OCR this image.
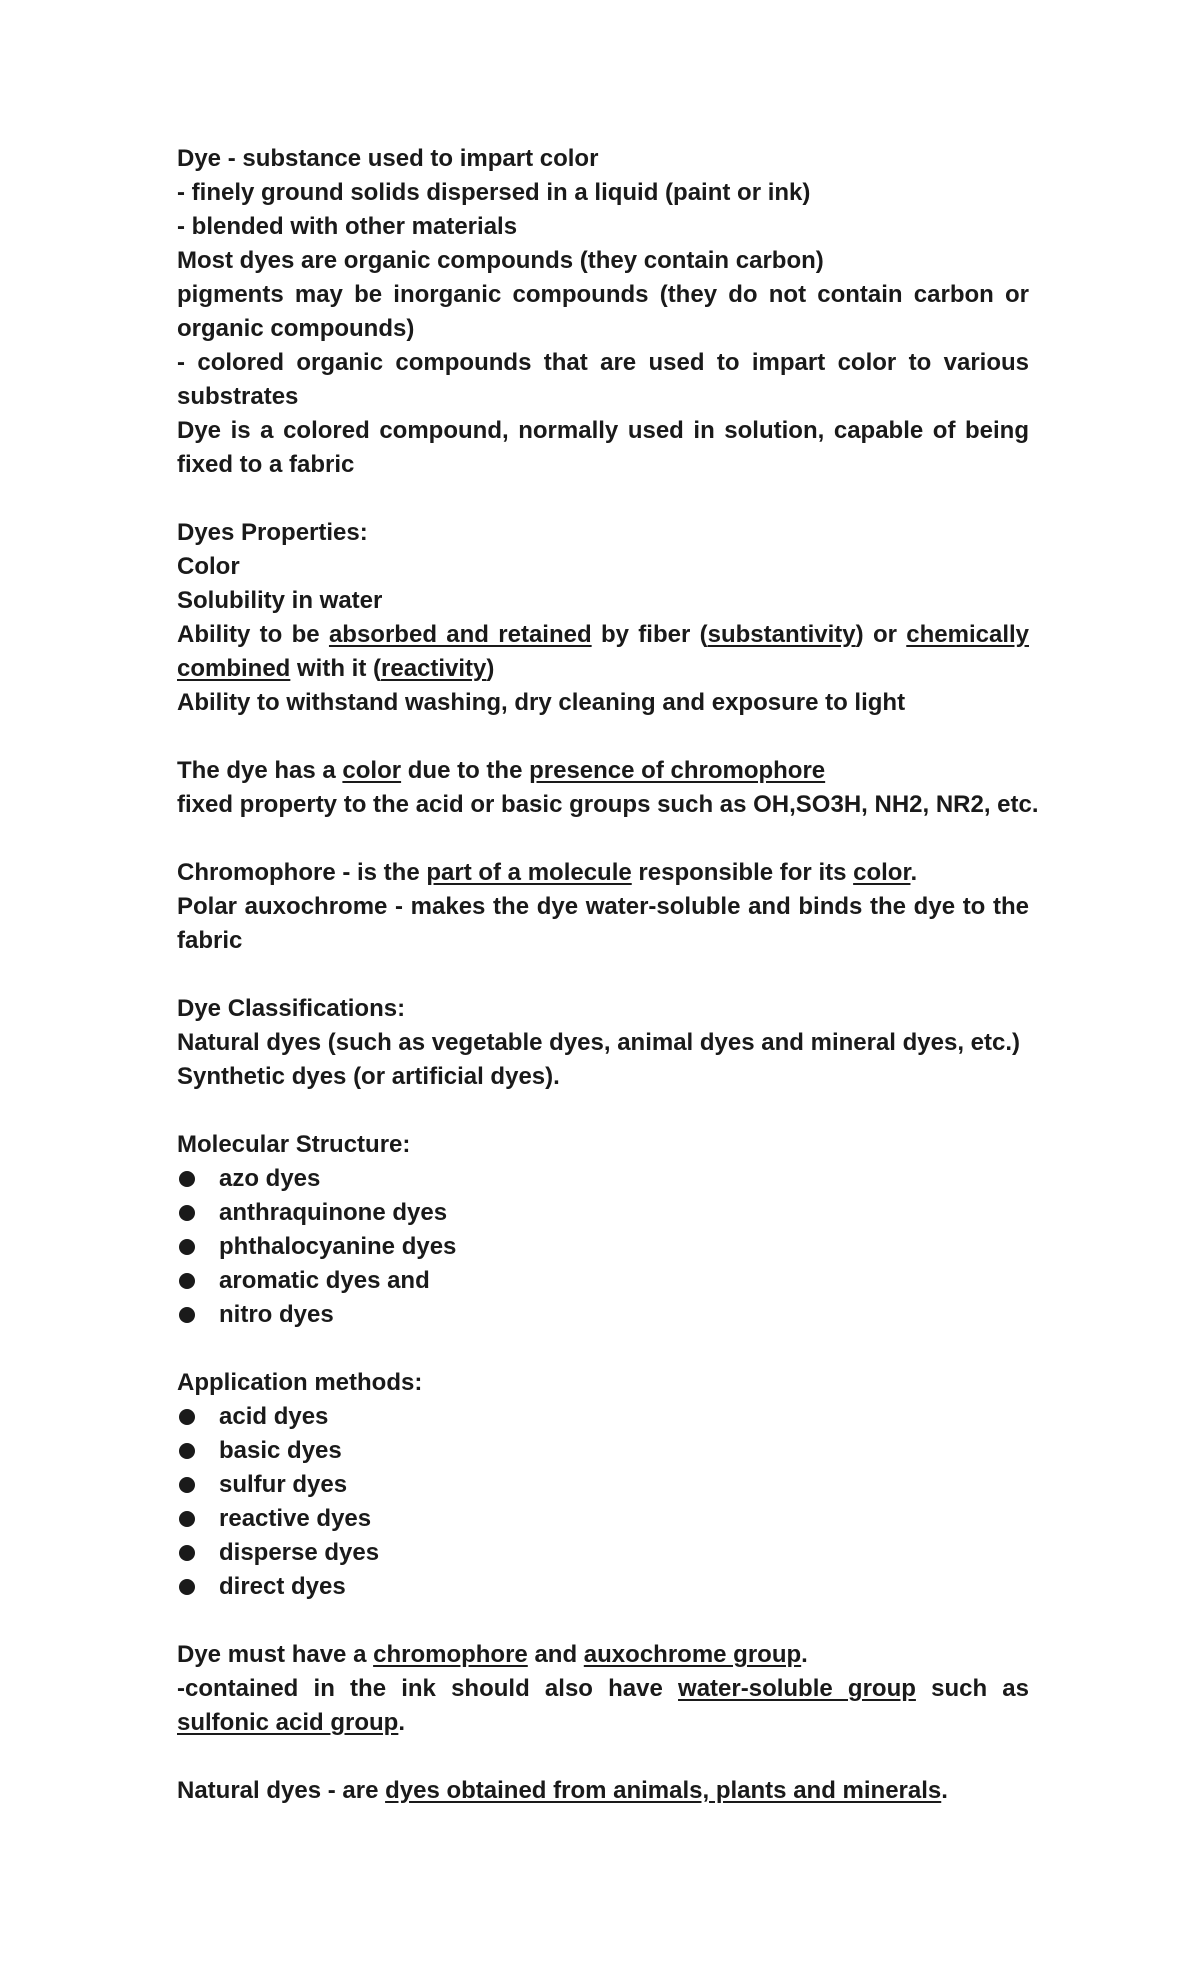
Dye - substance used to impart color
- finely ground solids dispersed in a liquid (paint or ink)
- blended with other materials
Most dyes are organic compounds (they contain carbon)
pigments may be inorganic compounds (they do not contain carbon or
organic compounds)
- colored organic compounds that are used to impart color to various
substrates
Dye is a colored compound, normally used in solution, capable of being
fixed to a fabric
Dyes Properties:
Color
Solubility in water
Ability to be absorbed and retained by fiber (substantivity) or chemically
combined with it (reactivity)
Ability to withstand washing, dry cleaning and exposure to light
The dye has a color due to the presence of chromophore
fixed property to the acid or basic groups such as OH,SO3H, NH2, NR2, etc.
Chromophore - is the part of a molecule responsible for its color.
Polar auxochrome - makes the dye water-soluble and binds the dye to the
fabric
Dye Classifications:
Natural dyes (such as vegetable dyes, animal dyes and mineral dyes, etc.)
Synthetic dyes (or artificial dyes).
Molecular Structure:
azo dyes
anthraquinone dyes
phthalocyanine dyes
aromatic dyes and
nitro dyes
Application methods:
acid dyes
basic dyes
sulfur dyes
reactive dyes
disperse dyes
direct dyes
Dye must have a chromophore and auxochrome group.
-contained in the ink should also have water-soluble group such as
sulfonic acid group.
Natural dyes - are dyes obtained from animals, plants and minerals.
